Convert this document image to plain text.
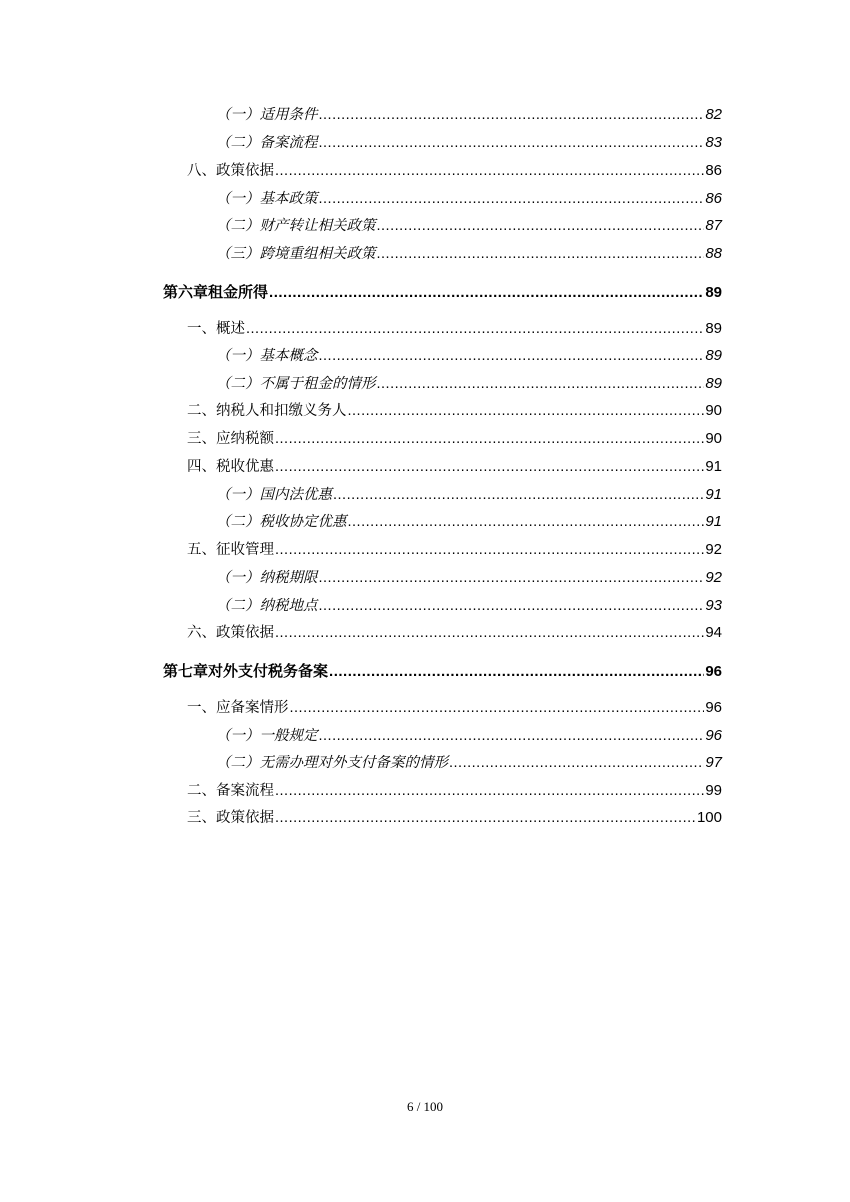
（一） 适用条件 .....	82
（二） 备案流程 .....	83
八、 政策依据 .....	86
（一） 基本政策 .....	86
（二） 财产转让相关政策 .....	87
（三） 跨境重组相关政策 .....	88
第六章 租金所得 .....	89
一、 概述 .....	89
（一） 基本概念 .....	89
（二） 不属于租金的情形 .....	89
二、 纳税人和扣缴义务人 .....	90
三、 应纳税额 .....	90
四、 税收优惠 .....	91
（一） 国内法优惠 .....	91
（二） 税收协定优惠 .....	91
五、 征收管理 .....	92
（一） 纳税期限 .....	92
（二） 纳税地点 .....	93
六、 政策依据 .....	94
第七章 对外支付税务备案 .....	96
一、 应备案情形 .....	96
（一） 一般规定 .....	96
（二） 无需办理对外支付备案的情形 .....	97
二、 备案流程 .....	99
三、 政策依据 .....	100
6 / 100
